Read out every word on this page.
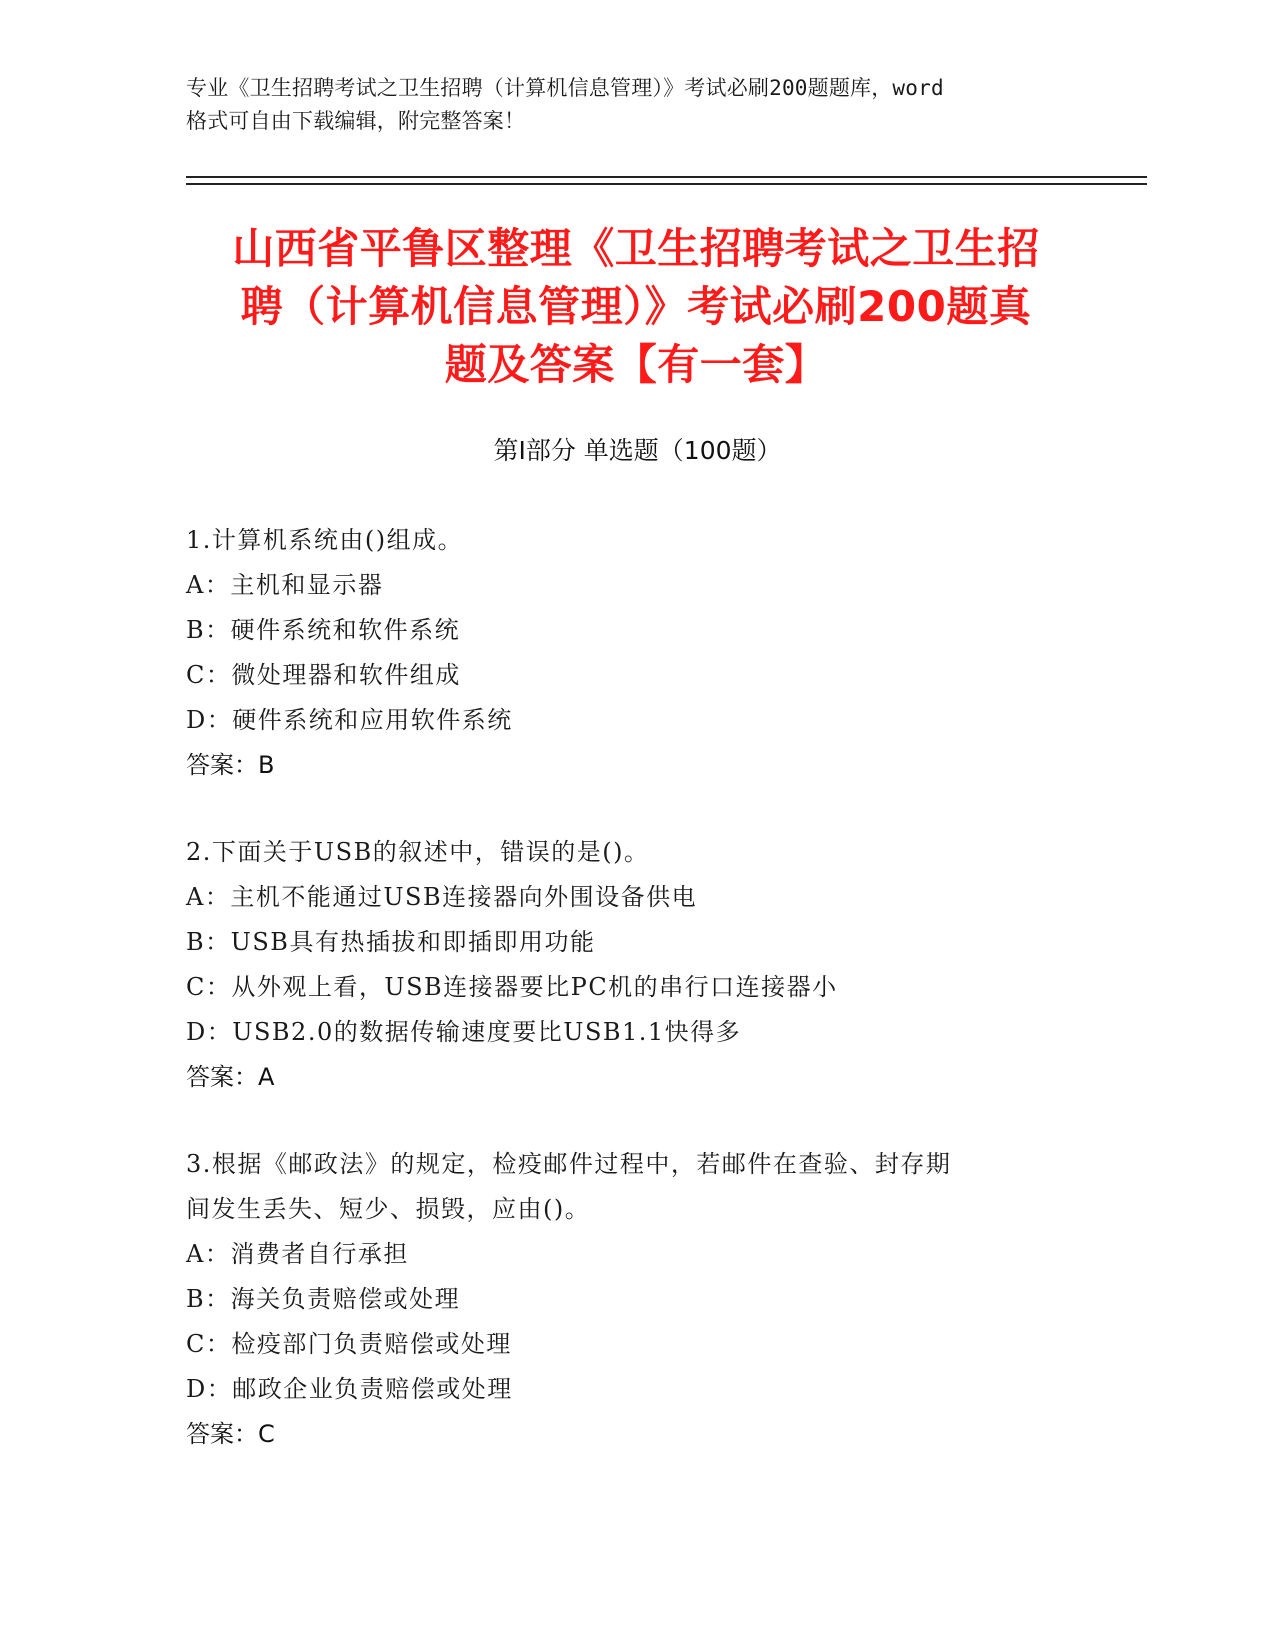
专业《卫生招聘考试之卫生招聘（计算机信息管理）》考试必刷200题题库，word
格式可自由下载编辑，附完整答案！
山西省平鲁区整理《卫生招聘考试之卫生招
聘（计算机信息管理）》考试必刷200题真
题及答案【有一套】
第Ⅰ部分 单选题（100题）

1.计算机系统由()组成。

A：主机和显示器

B：硬件系统和软件系统

C：微处理器和软件组成

D：硬件系统和应用软件系统

答案：B

2.下面关于USB的叙述中，错误的是()。

A：主机不能通过USB连接器向外围设备供电

B：USB具有热插拔和即插即用功能

C：从外观上看，USB连接器要比PC机的串行口连接器小

D：USB2.0的数据传输速度要比USB1.1快得多

答案：A

3.根据《邮政法》的规定，检疫邮件过程中，若邮件在查验、封存期

间发生丢失、短少、损毁，应由()。

A：消费者自行承担

B：海关负责赔偿或处理

C：检疫部门负责赔偿或处理

D：邮政企业负责赔偿或处理

答案：C
